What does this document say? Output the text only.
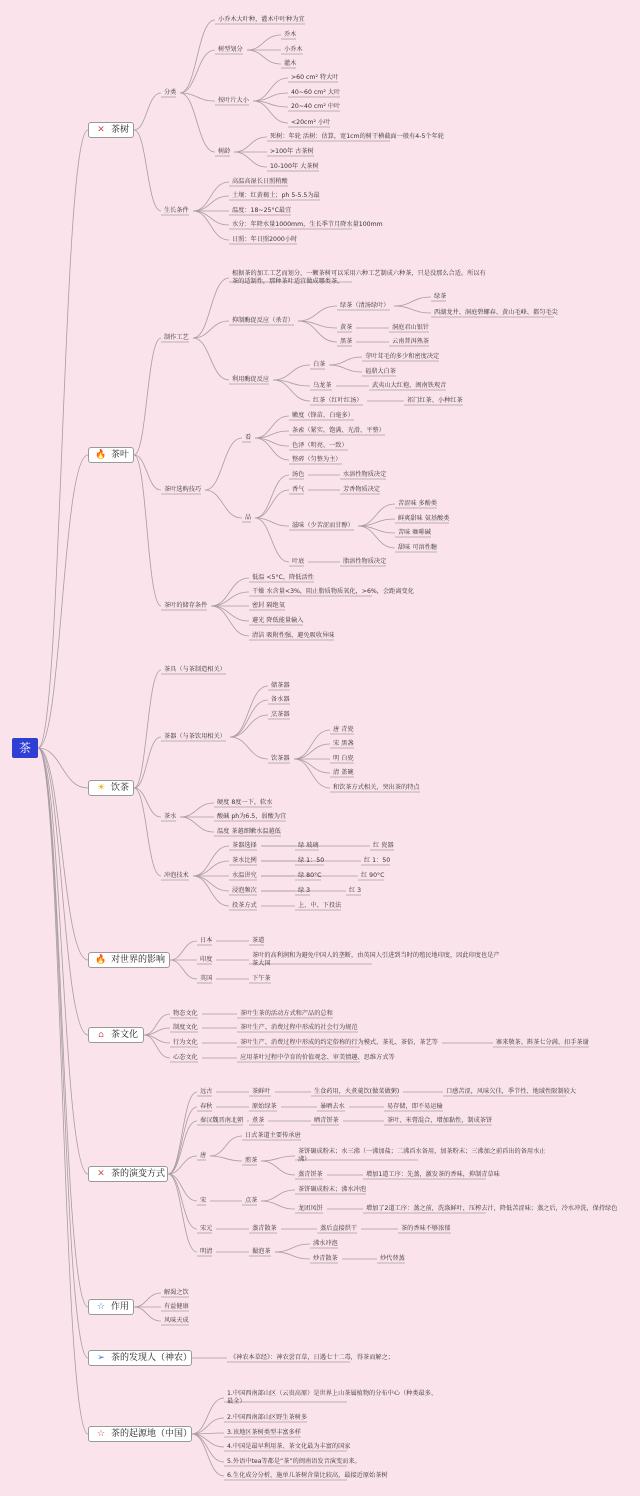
茶
✕ 茶树
🔥 茶叶
☀ 饮茶
🔥 对世界的影响
⌂ 茶文化
✕ 茶的演变方式
☆ 作用
➢ 茶的发现人（神农）
☆ 茶的起源地（中国）
分类
小乔木大叶种，灌木中叶种为宜
树型划分
乔木
小乔木
灌木
按叶片大小
>60 cm² 特大叶
40~60 cm² 大叶
20~40 cm² 中叶
<20cm² 小叶
树龄
死树：年轮 活树：估算，宽1cm的树干横截面一般有4-5个年轮
>100年 古茶树
10-100年 大茶树
生长条件
高温高湿长日照稍酸
土壤：红黄褐土；ph 5-5.5为最
温度：18~25°C最宜
水分：年降水量1000mm，生长季节月降水量100mm
日照：年日照2000小时
制作工艺
根据茶的加工工艺而划分，一颗茶树可以采用六种工艺制成六种茶，只是没那么合适。所以有茶的适制性，那种茶叶适宜做成哪类茶。
抑制酶促反应（杀青）
绿茶（清汤绿叶）
绿茶
西湖龙井、洞庭碧螺春、黄山毛峰、都匀毛尖
黄茶	洞庭君山银针
黑茶	云南普洱熟茶
利用酶促反应
白茶
芽叶茸毛的多少和密度决定
福鼎大白茶
乌龙茶	武夷山大红袍、闽南铁观音
红茶（红叶红汤）	祁门红茶、小种红茶
茶叶选购技巧
看
嫩度（锋苗、白毫多）
条索（紧实、饱满、光滑、平整）
色泽（明亮、一致）
整碎（匀整为主）
品
汤色	水溶性物质决定
香气	芳香物质决定
滋味（少苦涩而甘醇）
苦涩味 多酚类
鲜爽甜味 氨基酸类
苦味 咖啡碱
甜味 可溶性糖
叶底	脂溶性物质决定
茶叶的储存条件
低温 <5°C，降低活性
干燥 水含量<3%，阻止脂质物质氧化，>6%，会距离变化
密封 隔绝氧
避光 降低能量输入
清洁 吸附性强，避免吸收异味
茶具（与茶制造相关）
茶器（与茶饮用相关）
储茶器
备水器
烹茶器
饮茶器
唐 青瓷
宋 黑盏
明 白瓷
清 盖碗
和饮茶方式相关，突出茶的特点
茶水
硬度 8度一下，软水
酸碱 ph为6.5，弱酸为宜
温度 茶越细嫩水温越低
冲泡技术
茶器选择	绿 玻璃	红 瓷器
茶水比例	绿 1：50	红 1：50
水温讲究	绿 80°C	红 90°C
浸泡频次	绿 3	红 3
投茶方式	上、中、下投法
日本	茶道
印度
茶叶的高利润和为避免中国人的垄断，由英国人引进到当时的殖民地印度，因此印度也是产茶大国
英国	下午茶
物态文化	茶叶生茶的活动方式和产品的总和
制度文化	茶叶生产、消费过程中形成的社会行为规范
行为文化	茶叶生产、消费过程中形成的约定俗称的行为模式，茶礼、茶俗、茶艺等	寨来敬茶、斟茶七分满、扣手茶谢
心态文化	应用茶叶过程中孕育的价值观念、审美情趣、思维方式等
远古	茶鲜叶	生食药用，火煮羹饮(做菜做粥)	口感苦涩，风味欠佳，季节性、地域性限制较大
春秋	原始绿茶	暴晒去水	易存储，即不易运输
秦汉魏晋南北朝 煮茶	晒青饼茶	茶叶、米膏混合，增加黏性，制成茶饼
唐
日式茶道主要传承唐
煎茶
茶饼碾成粉末；水三沸（一沸加盐；二沸舀水备用，加茶粉末；三沸加之前舀出的备用水止沸）
蒸青饼茶	增加1道工序：先蒸，激发茶的香味，抑制青草味
宋	点茶
茶饼碾成粉末；沸水冲泡
龙团凤饼	增加了2道工序：蒸之前，洗涤鲜叶，压榨去汁，降低苦涩味；蒸之后，冷水冲洗，保持绿色
宋元	蒸青散茶	蒸后直接烘干	茶的香味不够浓郁
明清	撮泡茶
沸水冲泡
炒青散茶	炒代替蒸
解渴之饮
有益健康
风味天成
《神农本草经》：神农尝百草，日遇七十二毒，得茶而解之；
1.中国西南部山区（云贵高原）是世界上山茶属植物的分布中心（种类最多、最全）
2.中国西南部山区野生茶树多
3.该地区茶树类型丰富多样
4.中国是最早利用茶、茶文化最为丰富的国家
5.外语中tea等都是“茶”的闽南语发音演变而来。
6.生化成分分析，施单儿茶树含量比较高，最接近原始茶树
